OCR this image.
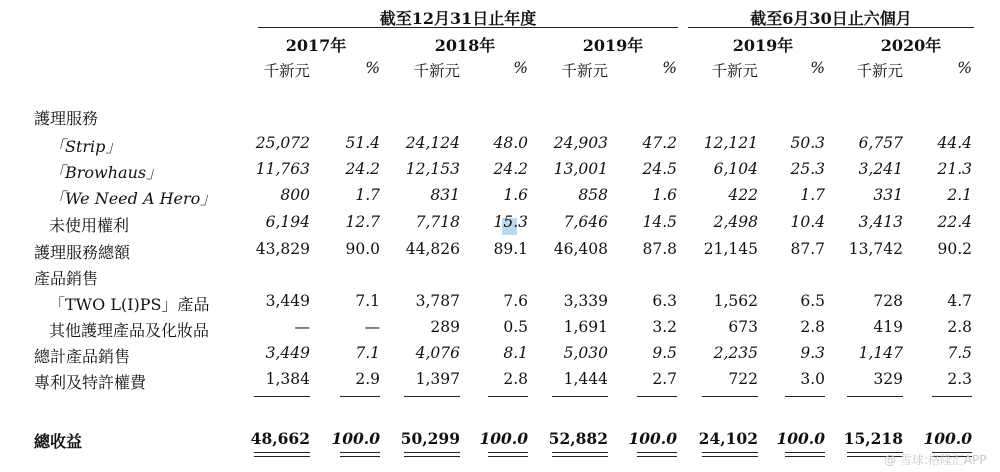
截至12月31日止年度	截至6月30日止六個月
2017年	2018年	2019年	2019年	2020年
千新元	%	千新元	%	千新元	%	千新元	%	千新元	%
護理服務
「Strip」	25,072	51.4	24,124	48.0	24,903	47.2	12,121	50.3	6,757	44.4
「Browhaus」	11,763	24.2	12,153	24.2	13,001	24.5	6,104	25.3	3,241	21.3
「We Need A Hero」	800	1.7	831	1.6	858	1.6	422	1.7	331	2.1
未使用權利	6,194	12.7	7,718	15.3	7,646	14.5	2,498	10.4	3,413	22.4
護理服務總額	43,829	90.0	44,826	89.1	46,408	87.8	21,145	87.7	13,742	90.2
產品銷售
「TWO L(I)PS」產品	3,449	7.1	3,787	7.6	3,339	6.3	1,562	6.5	728	4.7
其他護理產品及化妝品	—	—	289	0.5	1,691	3.2	673	2.8	419	2.8
總計產品銷售	3,449	7.1	4,076	8.1	5,030	9.5	2,235	9.3	1,147	7.5
專利及特許權費	1,384	2.9	1,397	2.8	1,444	2.7	722	3.0	329	2.3
總收益	48,662	100.0	50,299	100.0	52,882	100.0	24,102	100.0	15,218	100.0
@ 雪球:格隆汇APP
